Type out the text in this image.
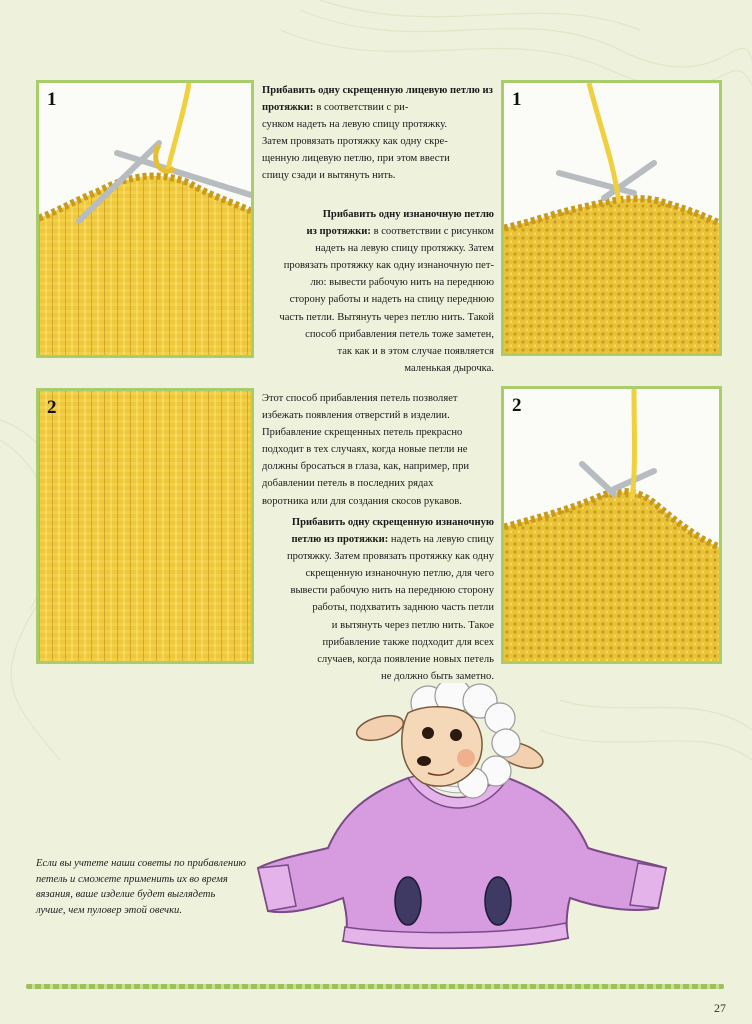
1	1
2	2
Прибавить одну скрещенную лицевую петлю из протяжки: в соответствии с ри-
сунком надеть на левую спицу протяжку.
Затем провязать протяжку как одну скре-
щенную лицевую петлю, при этом ввести
спицу сзади и вытянуть нить.
Прибавить одну изнаночную петлю
из протяжки: в соответствии с рисунком
надеть на левую спицу протяжку. Затем
провязать протяжку как одну изнаночную пет-
лю: вывести рабочую нить на переднюю
сторону работы и надеть на спицу переднюю
часть петли. Вытянуть через петлю нить. Такой
способ прибавления петель тоже заметен,
так как и в этом случае появляется
маленькая дырочка.
Этот способ прибавления петель позволяет
избежать появления отверстий в изделии.
Прибавление скрещенных петель прекрасно
подходит в тех случаях, когда новые петли не
должны бросаться в глаза, как, например, при
добавлении петель в последних рядах
воротника или для создания скосов рукавов.
Прибавить одну скрещенную изнаночную
петлю из протяжки: надеть на левую спицу
протяжку. Затем провязать протяжку как одну
скрещенную изнаночную петлю, для чего
вывести рабочую нить на переднюю сторону
работы, подхватить заднюю часть петли
и вытянуть через петлю нить. Такое
прибавление также подходит для всех
случаев, когда появление новых петель
не должно быть заметно.
Если вы учтете наши советы по прибавлению
петель и сможете применить их во время
вязания, ваше изделие будет выглядеть
лучше, чем пуловер этой овечки.
27
